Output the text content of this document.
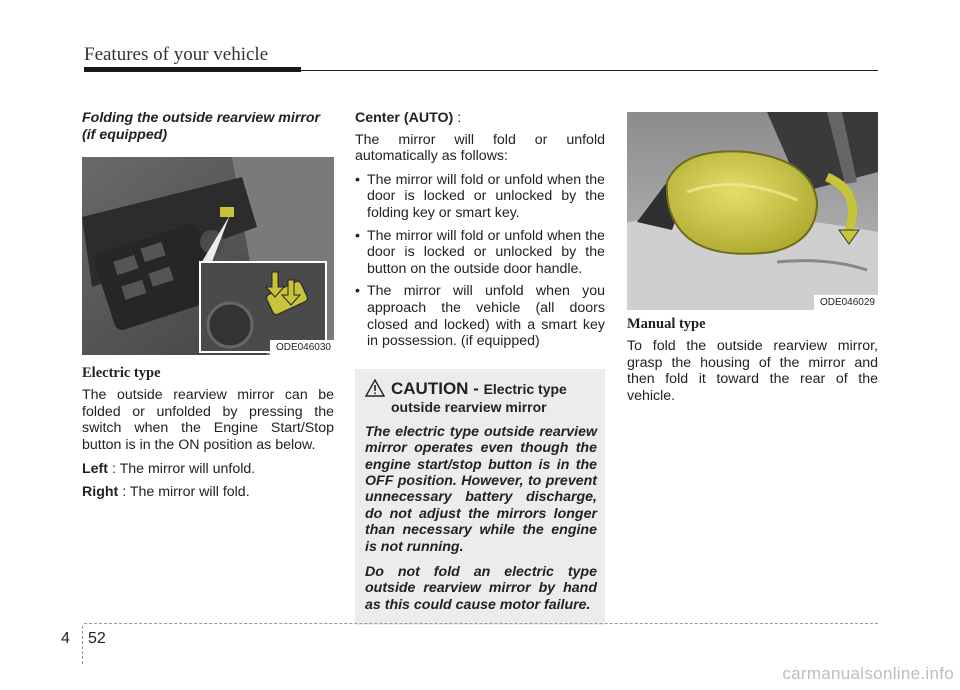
Features of your vehicle

Folding the outside rearview mirror (if equipped)

ODE046030

Electric type

The outside rearview mirror can be folded or unfolded by pressing the switch when the Engine Start/Stop button is in the ON position as below.

Left : The mirror will unfold.

Right : The mirror will fold.

Center (AUTO) :

The mirror will fold or unfold automatically as follows:

• The mirror will fold or unfold when the door is locked or unlocked by the folding key or smart key.
• The mirror will fold or unfold when the door is locked or unlocked by the button on the outside door handle.
• The mirror will unfold when you approach the vehicle (all doors closed and locked) with a smart key in possession. (if equipped)
CAUTION - Electric type
outside rearview mirror

The electric type outside rearview mirror operates even though the engine start/stop button is in the OFF position. However, to prevent unnecessary battery discharge, do not adjust the mirrors longer than necessary while the engine is not running.

Do not fold an electric type outside rearview mirror by hand as this could cause motor failure.

ODE046029

Manual type

To fold the outside rearview mirror, grasp the housing of the mirror and then fold it toward the rear of the vehicle.

4 52
carmanualsonline.info
